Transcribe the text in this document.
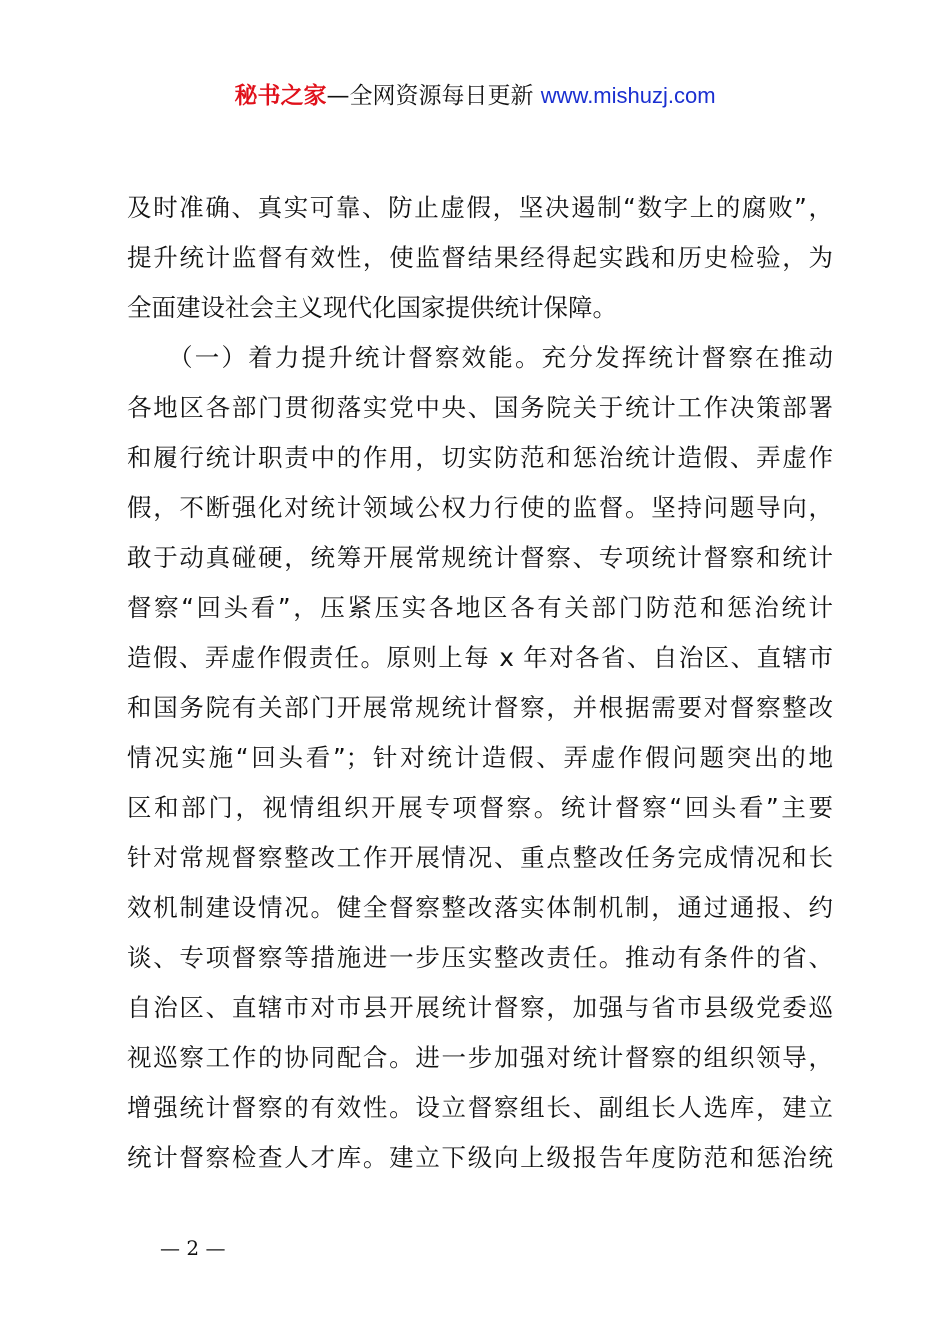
秘书之家—全网资源每日更新 www.mishuzj.com
及时准确、真实可靠、防止虚假，坚决遏制“数字上的腐败”，
提升统计监督有效性，使监督结果经得起实践和历史检验，为
全面建设社会主义现代化国家提供统计保障。
　　（一）着力提升统计督察效能。充分发挥统计督察在推动
各地区各部门贯彻落实党中央、国务院关于统计工作决策部署
和履行统计职责中的作用，切实防范和惩治统计造假、弄虚作
假，不断强化对统计领域公权力行使的监督。坚持问题导向，
敢于动真碰硬，统筹开展常规统计督察、专项统计督察和统计
督察“回头看”，压紧压实各地区各有关部门防范和惩治统计
造假、弄虚作假责任。原则上每 x 年对各省、自治区、直辖市
和国务院有关部门开展常规统计督察，并根据需要对督察整改
情况实施“回头看”；针对统计造假、弄虚作假问题突出的地
区和部门，视情组织开展专项督察。统计督察“回头看”主要
针对常规督察整改工作开展情况、重点整改任务完成情况和长
效机制建设情况。健全督察整改落实体制机制，通过通报、约
谈、专项督察等措施进一步压实整改责任。推动有条件的省、
自治区、直辖市对市县开展统计督察，加强与省市县级党委巡
视巡察工作的协同配合。进一步加强对统计督察的组织领导，
增强统计督察的有效性。设立督察组长、副组长人选库，建立
统计督察检查人才库。建立下级向上级报告年度防范和惩治统
— 2 —
